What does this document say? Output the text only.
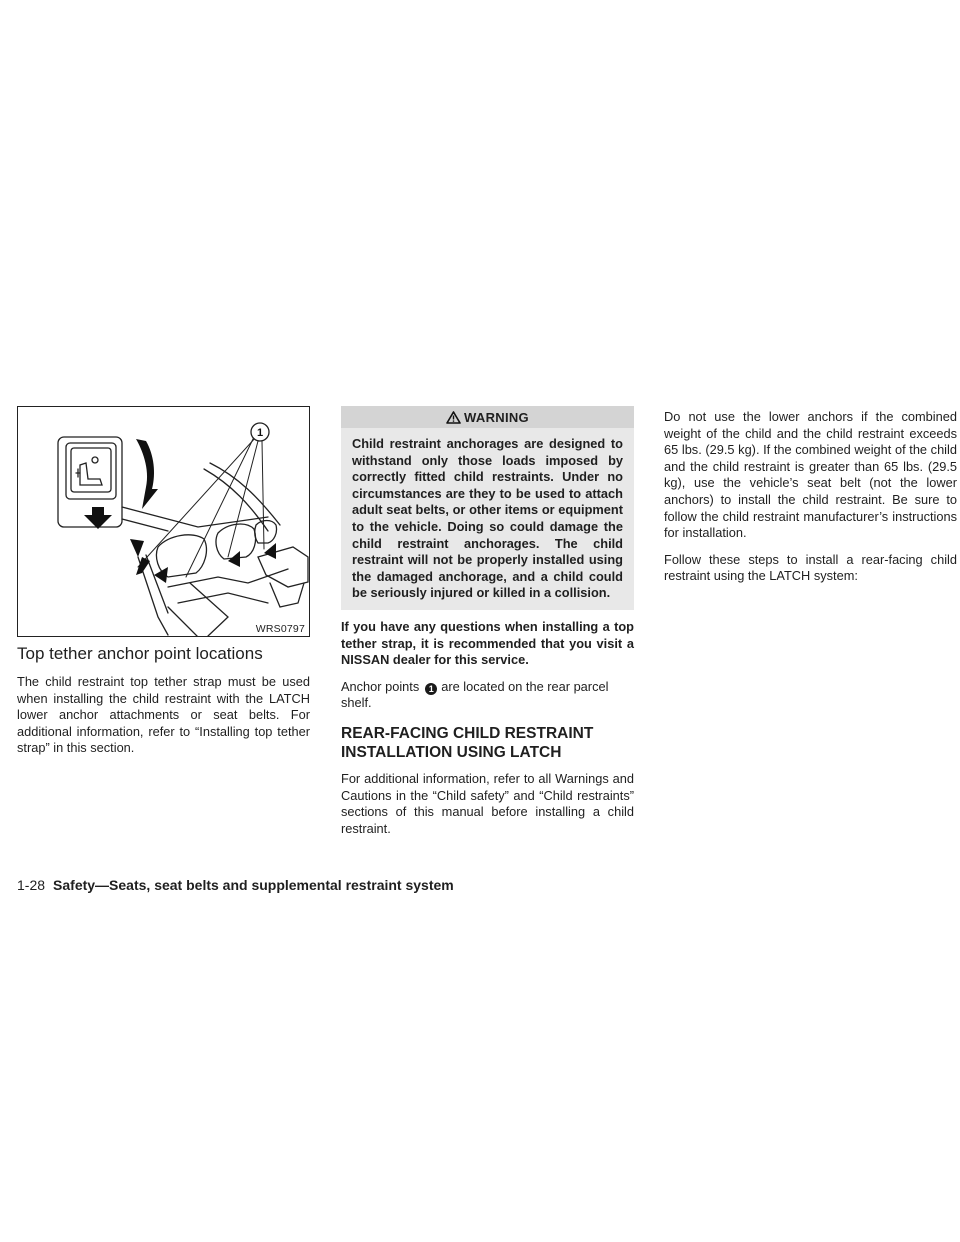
1
WRS0797
Top tether anchor point locations

The child restraint top tether strap must be used when installing the child restraint with the LATCH lower anchor attachments or seat belts. For additional information, refer to “Installing top tether strap” in this section.

WARNING

Child restraint anchorages are designed to withstand only those loads imposed by correctly fitted child restraints. Under no circumstances are they to be used to attach adult seat belts, or other items or equipment to the vehicle. Doing so could damage the child restraint anchorages. The child restraint will not be properly installed using the damaged anchorage, and a child could be seriously injured or killed in a collision.

If you have any questions when installing a top tether strap, it is recommended that you visit a NISSAN dealer for this service.

Anchor points 1 are located on the rear parcel shelf.

REAR-FACING CHILD RESTRAINT INSTALLATION USING LATCH

For additional information, refer to all Warnings and Cautions in the “Child safety” and “Child restraints” sections of this manual before installing a child restraint.

Do not use the lower anchors if the combined weight of the child and the child restraint exceeds 65 lbs. (29.5 kg). If the combined weight of the child and the child restraint is greater than 65 lbs. (29.5 kg), use the vehicle’s seat belt (not the lower anchors) to install the child restraint. Be sure to follow the child restraint manufacturer’s instructions for installation.

Follow these steps to install a rear-facing child restraint using the LATCH system:

1-28 Safety—Seats, seat belts and supplemental restraint system
